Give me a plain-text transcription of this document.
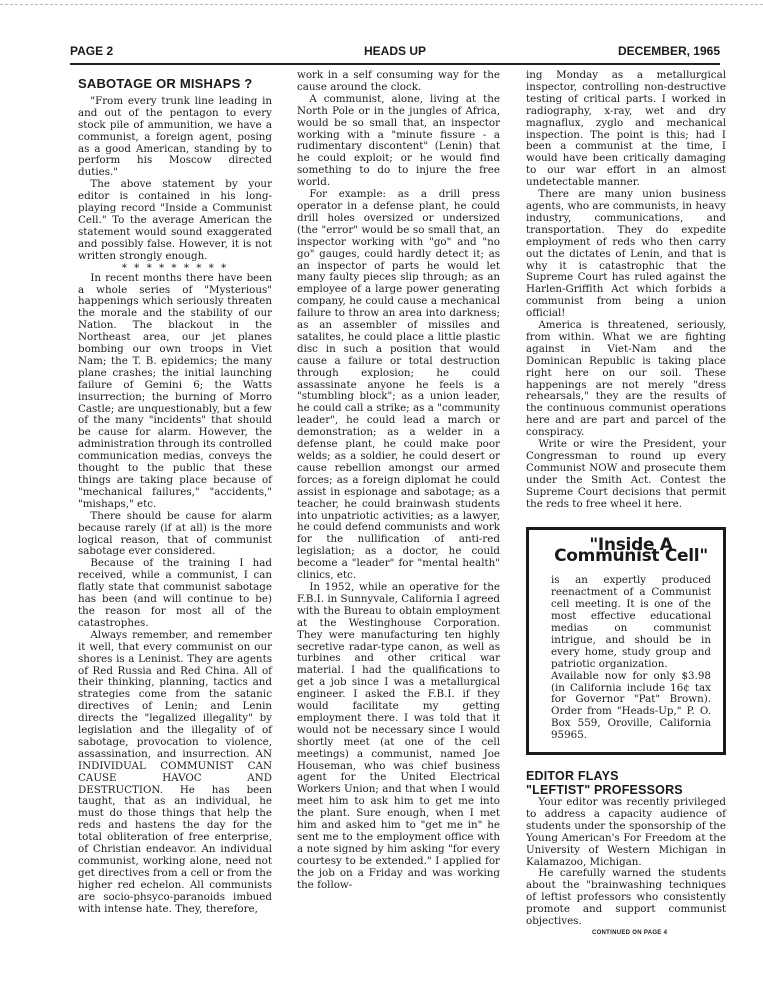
PAGE 2	HEADS UP	DECEMBER, 1965
SABOTAGE OR MISHAPS ?

"From every trunk line leading in and out of the pentagon to every stock pile of ammunition, we have a communist, a foreign agent, posing as a good American, standing by to perform his Moscow directed duties."

The above statement by your editor is contained in his long-playing record "Inside a Communist Cell." To the average American the statement would sound exaggerated and possibly false. However, it is not written strongly enough.

* * * * * * * * *

In recent months there have been a whole series of "Mysterious" happenings which seriously threaten the morale and the stability of our Nation. The blackout in the Northeast area, our jet planes bombing our own troops in Viet Nam; the T. B. epidemics; the many plane crashes; the initial launching failure of Gemini 6; the Watts insurrection; the burning of Morro Castle; are unquestionably, but a few of the many "incidents" that should be cause for alarm. However, the administration through its controlled communication medias, conveys the thought to the public that these things are taking place because of "mechanical failures," "accidents," "mishaps," etc.

There should be cause for alarm because rarely (if at all) is the more logical reason, that of communist sabotage ever considered.

Because of the training I had received, while a communist, I can flatly state that communist sabotage has been (and will continue to be) the reason for most all of the catastrophes.

Always remember, and remember it well, that every communist on our shores is a Leninist. They are agents of Red Russia and Red China. All of their thinking, planning, tactics and strategies come from the satanic directives of Lenin; and Lenin directs the "legalized illegality" by legislation and the illegality of of sabotage, provocation to violence, assassination, and insurrection. AN INDIVIDUAL COMMUNIST CAN CAUSE HAVOC AND DESTRUCTION. He has been taught, that as an individual, he must do those things that help the reds and hastens the day for the total obliteration of free enterprise, of Christian endeavor. An individual communist, working alone, need not get directives from a cell or from the higher red echelon. All communists are socio-phsyco-paranoids imbued with intense hate. They, therefore,

work in a self consuming way for the cause around the clock.

A communist, alone, living at the North Pole or in the jungles of Africa, would be so small that, an inspector working with a "minute fissure - a rudimentary discontent" (Lenin) that he could exploit; or he would find something to do to injure the free world.

For example: as a drill press operator in a defense plant, he could drill holes oversized or undersized (the "error" would be so small that, an inspector working with "go" and "no go" gauges, could hardly detect it; as an inspector of parts he would let many faulty pieces slip through; as an employee of a large power generating company, he could cause a mechanical failure to throw an area into darkness; as an assembler of missiles and satalites, he could place a little plastic disc in such a position that would cause a failure or total destruction through explosion; he could assassinate anyone he feels is a "stumbling block"; as a union leader, he could call a strike; as a "community leader", he could lead a march or demonstration; as a welder in a defense plant, he could make poor welds; as a soldier, he could desert or cause rebellion amongst our armed forces; as a foreign diplomat he could assist in espionage and sabotage; as a teacher, he could brainwash students into unpatriotic activities; as a lawyer, he could defend communists and work for the nullification of anti-red legislation; as a doctor, he could become a "leader" for "mental health" clinics, etc.

In 1952, while an operative for the F.B.I. in Sunnyvale, California I agreed with the Bureau to obtain employment at the Westinghouse Corporation. They were manufacturing ten highly secretive radar-type canon, as well as turbines and other critical war material. I had the qualifications to get a job since I was a metallurgical engineer. I asked the F.B.I. if they would facilitate my getting employment there. I was told that it would not be necessary since I would shortly meet (at one of the cell meetings) a communist, named Joe Houseman, who was chief business agent for the United Electrical Workers Union; and that when I would meet him to ask him to get me into the plant. Sure enough, when I met him and asked him to "get me in" he sent me to the employment office with a note signed by him asking "for every courtesy to be extended." I applied for the job on a Friday and was working the follow-

ing Monday as a metallurgical inspector, controlling non-destructive testing of critical parts. I worked in radiography, x-ray, wet and dry magnaflux, zyglo and mechanical inspection. The point is this; had I been a communist at the time, I would have been critically damaging to our war effort in an almost undetectable manner.

There are many union business agents, who are communists, in heavy industry, communications, and transportation. They do expedite employment of reds who then carry out the dictates of Lenin, and that is why it is catastrophic that the Supreme Court has ruled against the Harlen-Griffith Act which forbids a communist from being a union official!

America is threatened, seriously, from within. What we are fighting against in Viet-Nam and the Dominican Republic is taking place right here on our soil. These happenings are not merely "dress rehearsals," they are the results of the continuous communist operations here and are part and parcel of the conspiracy.

Write or wire the President, your Congressman to round up every Communist NOW and prosecute them under the Smith Act. Contest the Supreme Court decisions that permit the reds to free wheel it here.

"Inside A Communist Cell"

is an expertly produced reenactment of a Communist cell meeting. It is one of the most effective educational medias on communist intrigue, and should be in every home, study group and patriotic organization.

Available now for only $3.98 (in California include 16¢ tax for Governor "Pat" Brown). Order from "Heads-Up," P. O. Box 559, Oroville, California 95965.

EDITOR FLAYS
"LEFTIST" PROFESSORS

Your editor was recently privileged to address a capacity audience of students under the sponsorship of the Young American's For Freedom at the University of Western Michigan in Kalamazoo, Michigan.

He carefully warned the students about the "brainwashing techniques of leftist professors who consistently promote and support communist objectives.

CONTINUED ON PAGE 4
